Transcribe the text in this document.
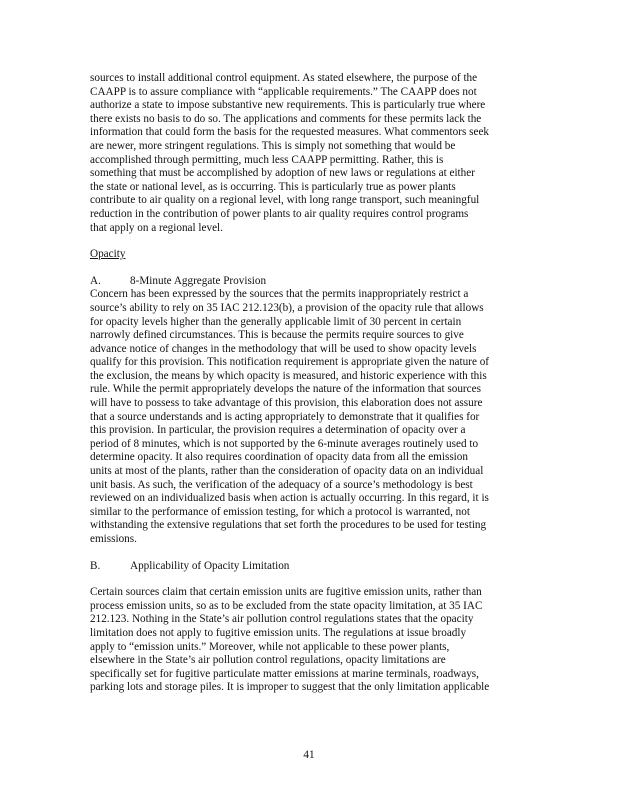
sources to install additional control equipment. As stated elsewhere, the purpose of the
CAAPP is to assure compliance with “applicable requirements.” The CAAPP does not
authorize a state to impose substantive new requirements. This is particularly true where
there exists no basis to do so. The applications and comments for these permits lack the
information that could form the basis for the requested measures. What commentors seek
are newer, more stringent regulations. This is simply not something that would be
accomplished through permitting, much less CAAPP permitting. Rather, this is
something that must be accomplished by adoption of new laws or regulations at either
the state or national level, as is occurring. This is particularly true as power plants
contribute to air quality on a regional level, with long range transport, such meaningful
reduction in the contribution of power plants to air quality requires control programs
that apply on a regional level.
Opacity
A.	8-Minute Aggregate Provision
Concern has been expressed by the sources that the permits inappropriately restrict a
source’s ability to rely on 35 IAC 212.123(b), a provision of the opacity rule that allows
for opacity levels higher than the generally applicable limit of 30 percent in certain
narrowly defined circumstances. This is because the permits require sources to give
advance notice of changes in the methodology that will be used to show opacity levels
qualify for this provision. This notification requirement is appropriate given the nature of
the exclusion, the means by which opacity is measured, and historic experience with this
rule. While the permit appropriately develops the nature of the information that sources
will have to possess to take advantage of this provision, this elaboration does not assure
that a source understands and is acting appropriately to demonstrate that it qualifies for
this provision. In particular, the provision requires a determination of opacity over a
period of 8 minutes, which is not supported by the 6-minute averages routinely used to
determine opacity. It also requires coordination of opacity data from all the emission
units at most of the plants, rather than the consideration of opacity data on an individual
unit basis. As such, the verification of the adequacy of a source’s methodology is best
reviewed on an individualized basis when action is actually occurring. In this regard, it is
similar to the performance of emission testing, for which a protocol is warranted, not
withstanding the extensive regulations that set forth the procedures to be used for testing
emissions.
B.	Applicability of Opacity Limitation
Certain sources claim that certain emission units are fugitive emission units, rather than
process emission units, so as to be excluded from the state opacity limitation, at 35 IAC
212.123. Nothing in the State’s air pollution control regulations states that the opacity
limitation does not apply to fugitive emission units. The regulations at issue broadly
apply to “emission units.” Moreover, while not applicable to these power plants,
elsewhere in the State’s air pollution control regulations, opacity limitations are
specifically set for fugitive particulate matter emissions at marine terminals, roadways,
parking lots and storage piles. It is improper to suggest that the only limitation applicable
41
